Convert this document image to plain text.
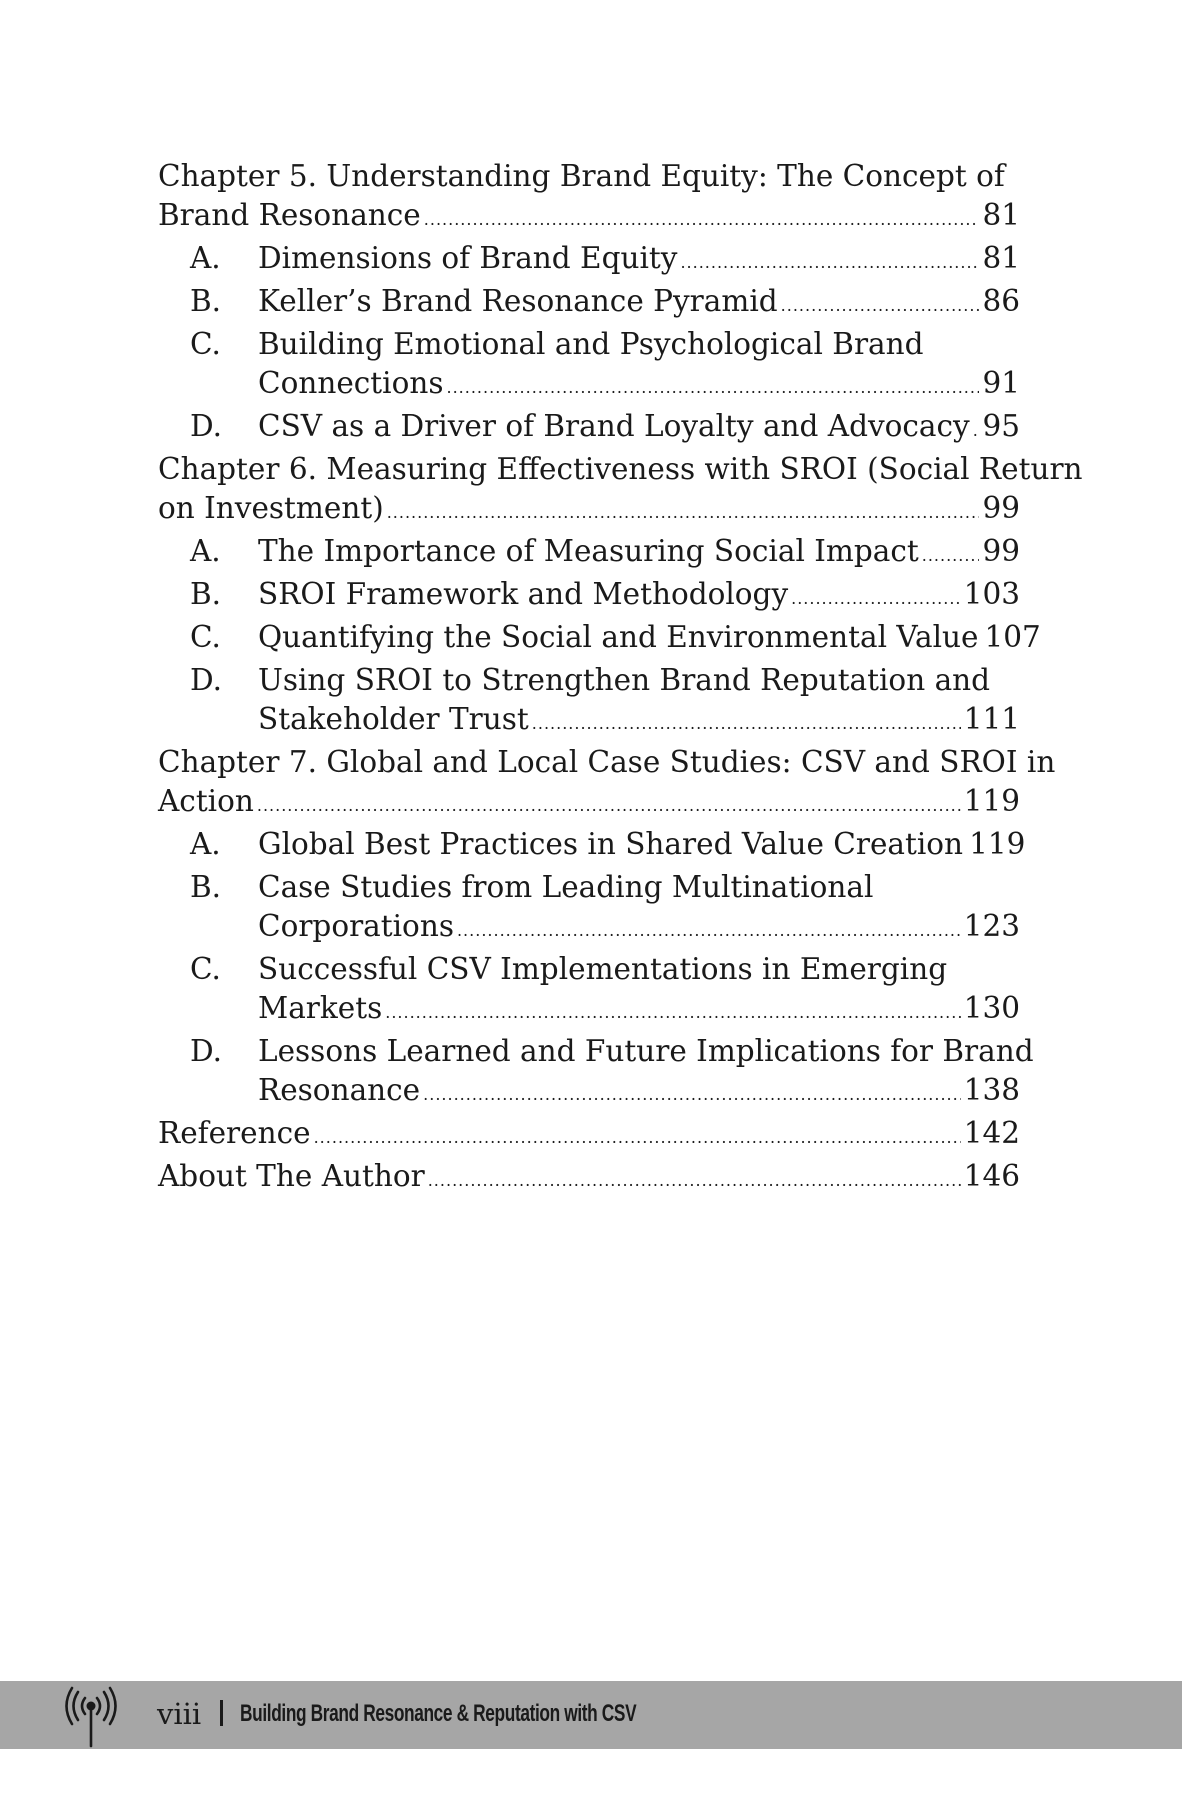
Chapter 5. Understanding Brand Equity: The Concept of
Brand Resonance .....	81
A.	Dimensions of Brand Equity .....	81
B.	Keller’s Brand Resonance Pyramid .....	86
C.	Building Emotional and Psychological Brand
Connections .....	91
D. CSV as a Driver of Brand Loyalty and Advocacy ..... 95
Chapter 6. Measuring Effectiveness with SROI (Social Return
on Investment) .....	99
A.	The Importance of Measuring Social Impact ..... 99
B.	SROI Framework and Methodology .....	103
C.	Quantifying the Social and Environmental Value 107
D. Using SROI to Strengthen Brand Reputation and
Stakeholder Trust .....	111
Chapter 7. Global and Local Case Studies: CSV and SROI in
Action .....	119
A.	Global Best Practices in Shared Value Creation 119
B.	Case Studies from Leading Multinational
Corporations .....	123
C.	Successful CSV Implementations in Emerging
Markets .....	130
D. Lessons Learned and Future Implications for Brand
Resonance .....	138
Reference .....	142
About The Author .....	146
viii Building Brand Resonance & Reputation with CSV
